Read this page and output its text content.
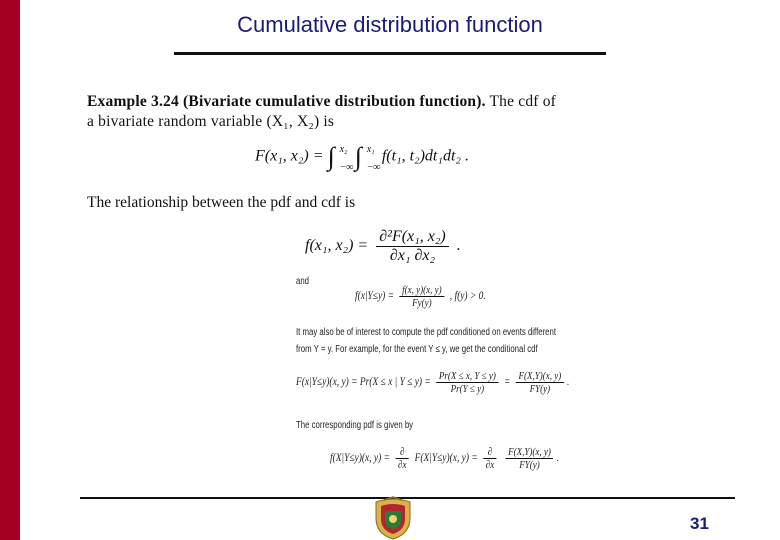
Cumulative distribution function
Example 3.24 (Bivariate cumulative distribution function). The cdf of
a bivariate random variable (X₁, X₂) is
F(x₁, x₂) = ∫ x₂
−∞ ∫ x₁
−∞
f(t₁, t₂)dt₁dt₂ .
The relationship between the pdf and cdf is
f(x₁, $x_2) = \frac{\text{∂²F(x₁, x₂)}}{\text{∂x₁ ∂x₂}}$ .
and
$f(x|Y\le y) = \frac{f(x, y)(x, y)}{Fy(y)}$ , f(y) > 0.
It may also be of interest to compute the pdf conditioned on events different
from Y = y. For example, for the event Y ≤ y, we get the conditional cdf
F(x|Y≤y)(x, y) = Pr(X ≤ x | $Y \le y) = \frac{Pr(X \le x, Y \le y)}{Pr(Y \le y)} = \frac{F(X,Y)(x, y)}{FY(y)}$ .
The corresponding pdf is given by
f(X|Y≤y)(x, $y) = \frac{\partial}{\partial x} F(X|Y\le y)(x$, $y) = \frac{\partial}{\partial x}$
$\frac{F(X,Y)(x, y)}{FY(y)}$ .
31
